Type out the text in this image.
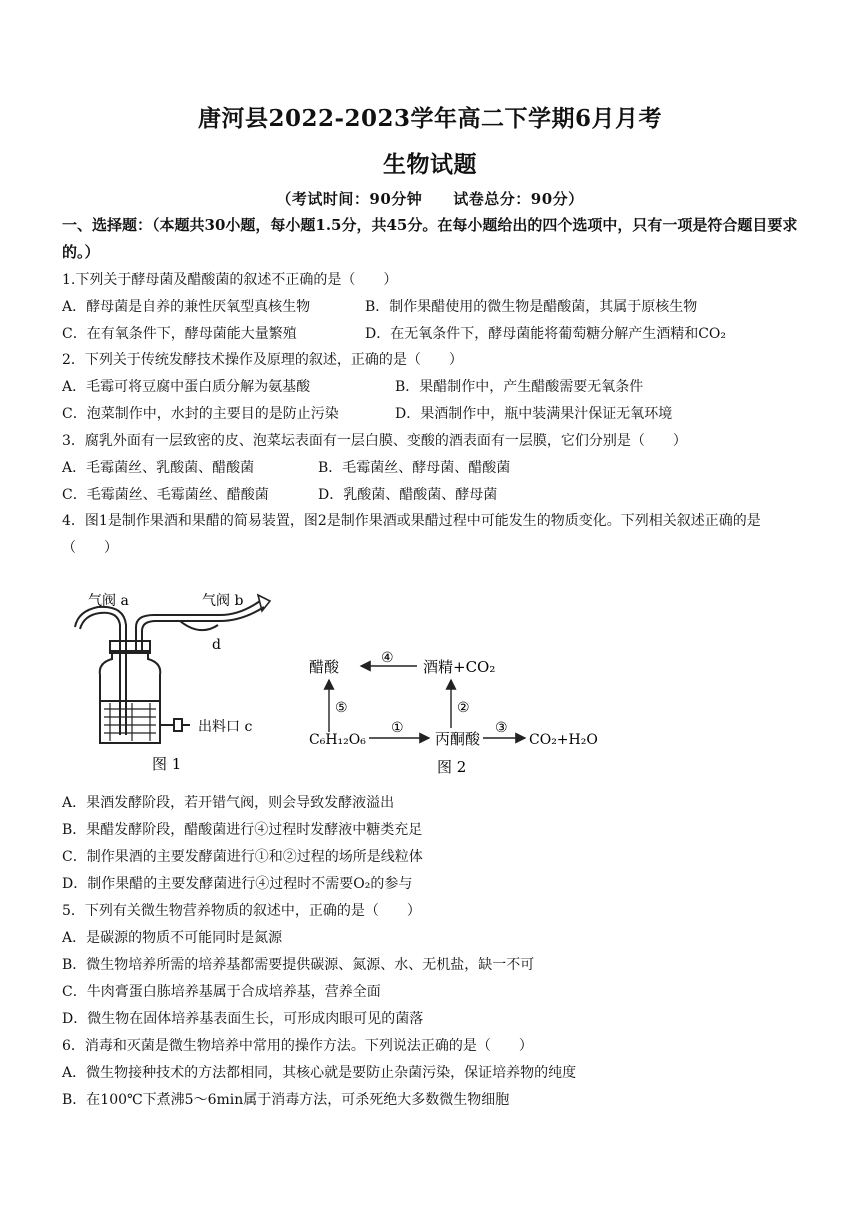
唐河县2022-2023学年高二下学期6月月考
生物试题
（考试时间：90分钟　　试卷总分：90分）
一、选择题：（本题共30小题，每小题1.5分，共45分。在每小题给出的四个选项中，只有一项是符合题目要求的。）
1.下列关于酵母菌及醋酸菌的叙述不正确的是（　　）
A．酵母菌是自养的兼性厌氧型真核生物	B．制作果醋使用的微生物是醋酸菌，其属于原核生物
C．在有氧条件下，酵母菌能大量繁殖	D．在无氧条件下，酵母菌能将葡萄糖分解产生酒精和CO₂
2．下列关于传统发酵技术操作及原理的叙述，正确的是（　　）
A．毛霉可将豆腐中蛋白质分解为氨基酸	B．果醋制作中，产生醋酸需要无氧条件
C．泡菜制作中，水封的主要目的是防止污染	D．果酒制作中，瓶中装满果汁保证无氧环境
3．腐乳外面有一层致密的皮、泡菜坛表面有一层白膜、变酸的酒表面有一层膜，它们分别是（　　）
A．毛霉菌丝、乳酸菌、醋酸菌	B．毛霉菌丝、酵母菌、醋酸菌
C．毛霉菌丝、毛霉菌丝、醋酸菌	D．乳酸菌、醋酸菌、酵母菌
4．图1是制作果酒和果醋的简易装置，图2是制作果酒或果醋过程中可能发生的物质变化。下列相关叙述正确的是（　　）
气阀 a	气阀 b
d
出料口 c
图 1
醋酸	酒精+CO₂
C₆H₁₂O₆	丙酮酸	CO₂+H₂O
④
⑤
①
②
③
图 2
A．果酒发酵阶段，若开错气阀，则会导致发酵液溢出
B．果醋发酵阶段，醋酸菌进行④过程时发酵液中糖类充足
C．制作果酒的主要发酵菌进行①和②过程的场所是线粒体
D．制作果醋的主要发酵菌进行④过程时不需要O₂的参与
5．下列有关微生物营养物质的叙述中，正确的是（　　）
A．是碳源的物质不可能同时是氮源
B．微生物培养所需的培养基都需要提供碳源、氮源、水、无机盐，缺一不可
C．牛肉膏蛋白胨培养基属于合成培养基，营养全面
D．微生物在固体培养基表面生长，可形成肉眼可见的菌落
6．消毒和灭菌是微生物培养中常用的操作方法。下列说法正确的是（　　）
A．微生物接种技术的方法都相同，其核心就是要防止杂菌污染，保证培养物的纯度
B．在100℃下煮沸5～6min属于消毒方法，可杀死绝大多数微生物细胞
